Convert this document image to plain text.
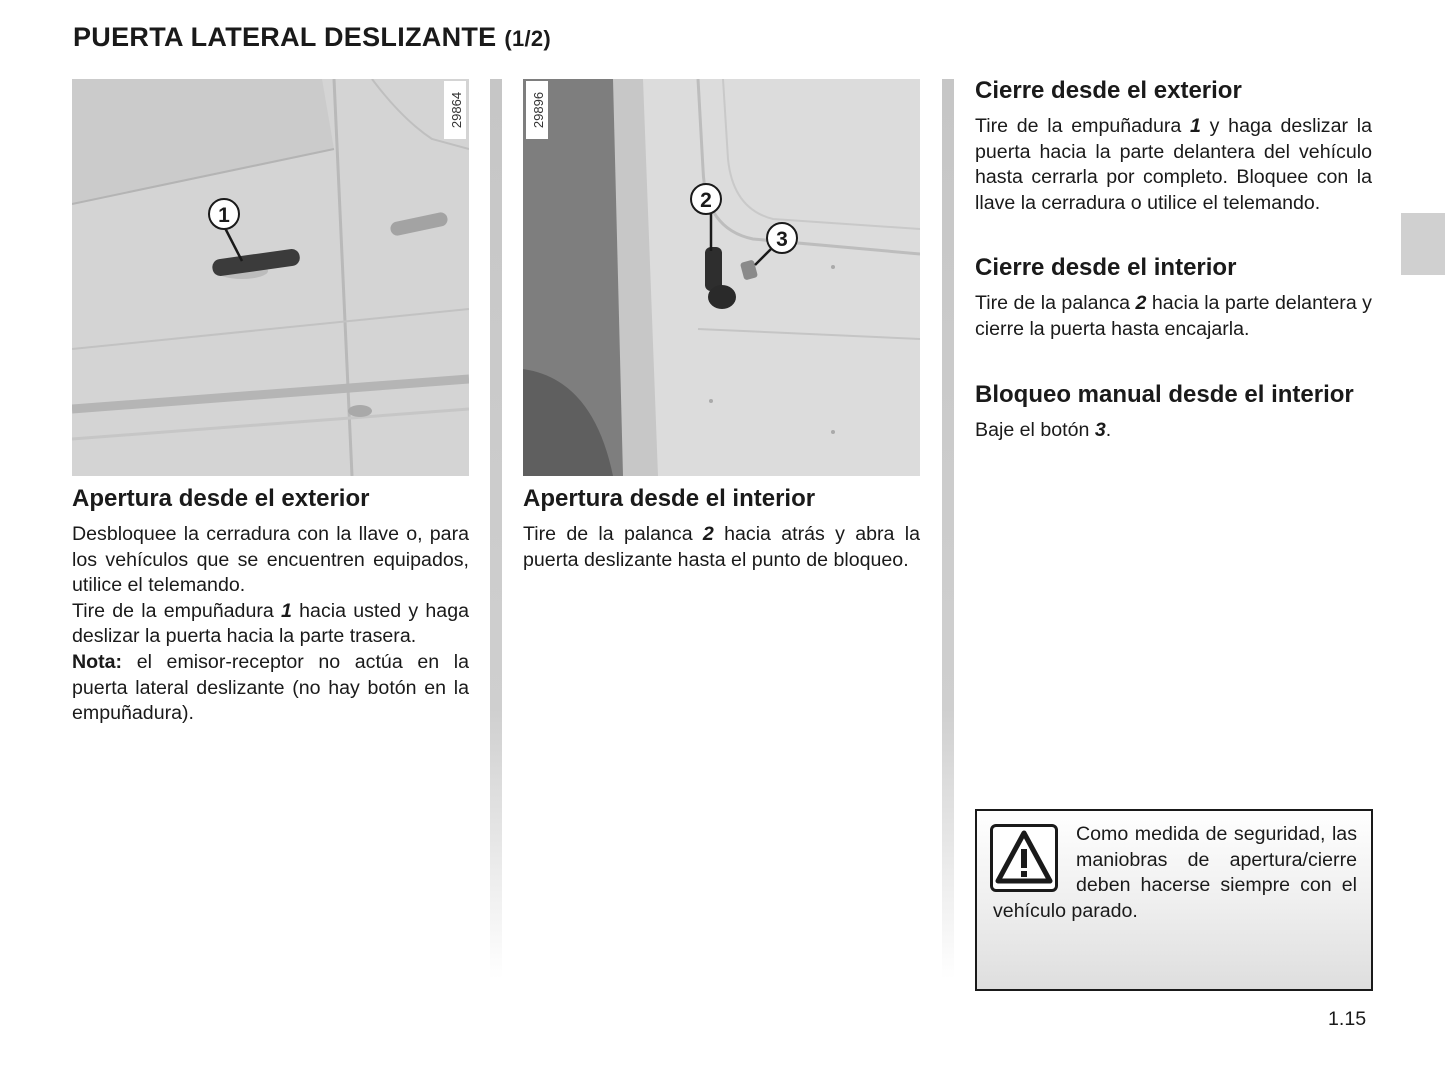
PUERTA LATERAL DESLIZANTE (1/2)
1
29864
2
3
29896
Apertura desde el exterior

Desbloquee la cerradura con la llave o, para los vehículos que se encuentren equipados, utilice el telemando.

Tire de la empuñadura 1 hacia usted y haga deslizar la puerta hacia la parte trasera.

Nota: el emisor-receptor no actúa en la puerta lateral deslizante (no hay botón en la empuñadura).

Apertura desde el interior

Tire de la palanca 2 hacia atrás y abra la puerta deslizante hasta el punto de bloqueo.

Cierre desde el exterior

Tire de la empuñadura 1 y haga deslizar la puerta hacia la parte delantera del vehículo hasta cerrarla por completo. Bloquee con la llave la cerradura o utilice el telemando.

Cierre desde el interior

Tire de la palanca 2 hacia la parte delantera y cierre la puerta hasta encajarla.

Bloqueo manual desde el interior

Baje el botón 3.

Como medida de seguridad, las maniobras de apertura/cierre deben hacerse siempre con el vehículo parado.
1.15
